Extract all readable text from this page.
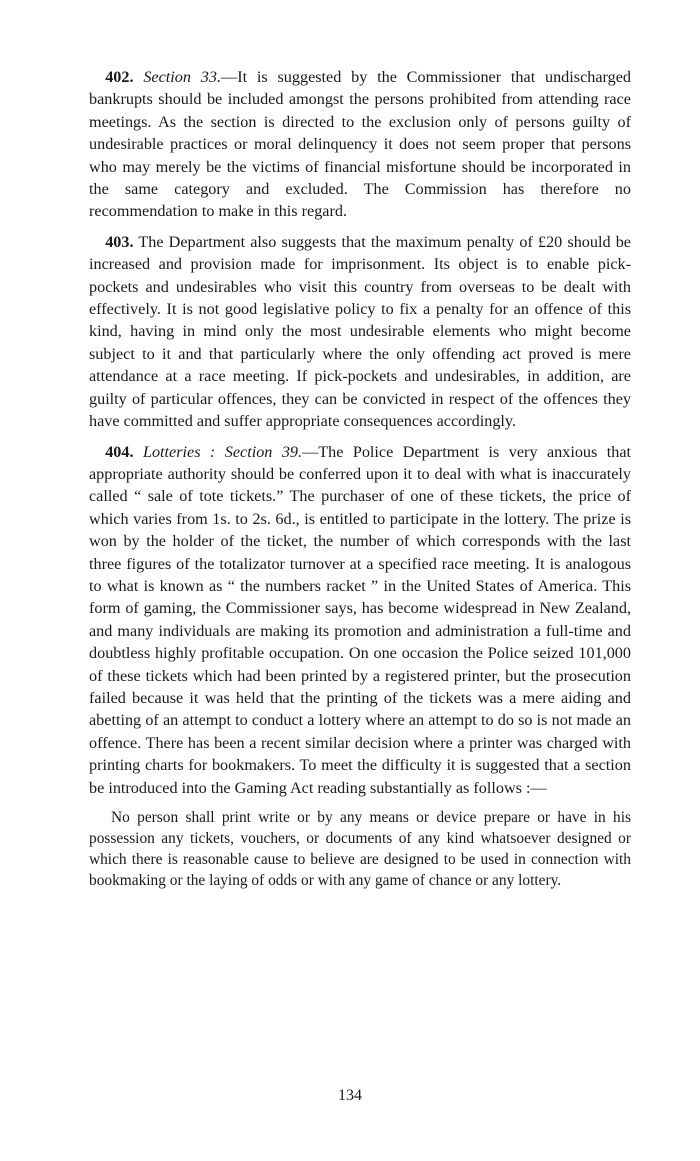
 402. Section 33.—It is suggested by the Commissioner that undischarged bankrupts should be included amongst the persons prohibited from attending race meetings. As the section is directed to the exclusion only of persons guilty of undesirable practices or moral delinquency it does not seem proper that persons who may merely be the victims of financial misfortune should be incorporated in the same category and excluded. The Commission has therefore no recommendation to make in this regard.

 403. The Department also suggests that the maximum penalty of £20 should be increased and provision made for imprisonment. Its object is to enable pick-pockets and undesirables who visit this country from overseas to be dealt with effectively. It is not good legislative policy to fix a penalty for an offence of this kind, having in mind only the most undesirable elements who might become subject to it and that particularly where the only offending act proved is mere attendance at a race meeting. If pick-pockets and undesirables, in addition, are guilty of particular offences, they can be convicted in respect of the offences they have committed and suffer appropriate consequences accordingly.

 404. Lotteries : Section 39.—The Police Department is very anxious that appropriate authority should be conferred upon it to deal with what is inaccurately called “ sale of tote tickets.” The purchaser of one of these tickets, the price of which varies from 1s. to 2s. 6d., is entitled to participate in the lottery. The prize is won by the holder of the ticket, the number of which corresponds with the last three figures of the totalizator turnover at a specified race meeting. It is analogous to what is known as “ the numbers racket ” in the United States of America. This form of gaming, the Commissioner says, has become widespread in New Zealand, and many individuals are making its promotion and administration a full-time and doubtless highly profitable occupation. On one occasion the Police seized 101,000 of these tickets which had been printed by a registered printer, but the prosecution failed because it was held that the printing of the tickets was a mere aiding and abetting of an attempt to conduct a lottery where an attempt to do so is not made an offence. There has been a recent similar decision where a printer was charged with printing charts for bookmakers. To meet the difficulty it is suggested that a section be introduced into the Gaming Act reading substantially as follows :—

No person shall print write or by any means or device prepare or have in his possession any tickets, vouchers, or documents of any kind whatsoever designed or which there is reasonable cause to believe are designed to be used in connection with bookmaking or the laying of odds or with any game of chance or any lottery.

134
